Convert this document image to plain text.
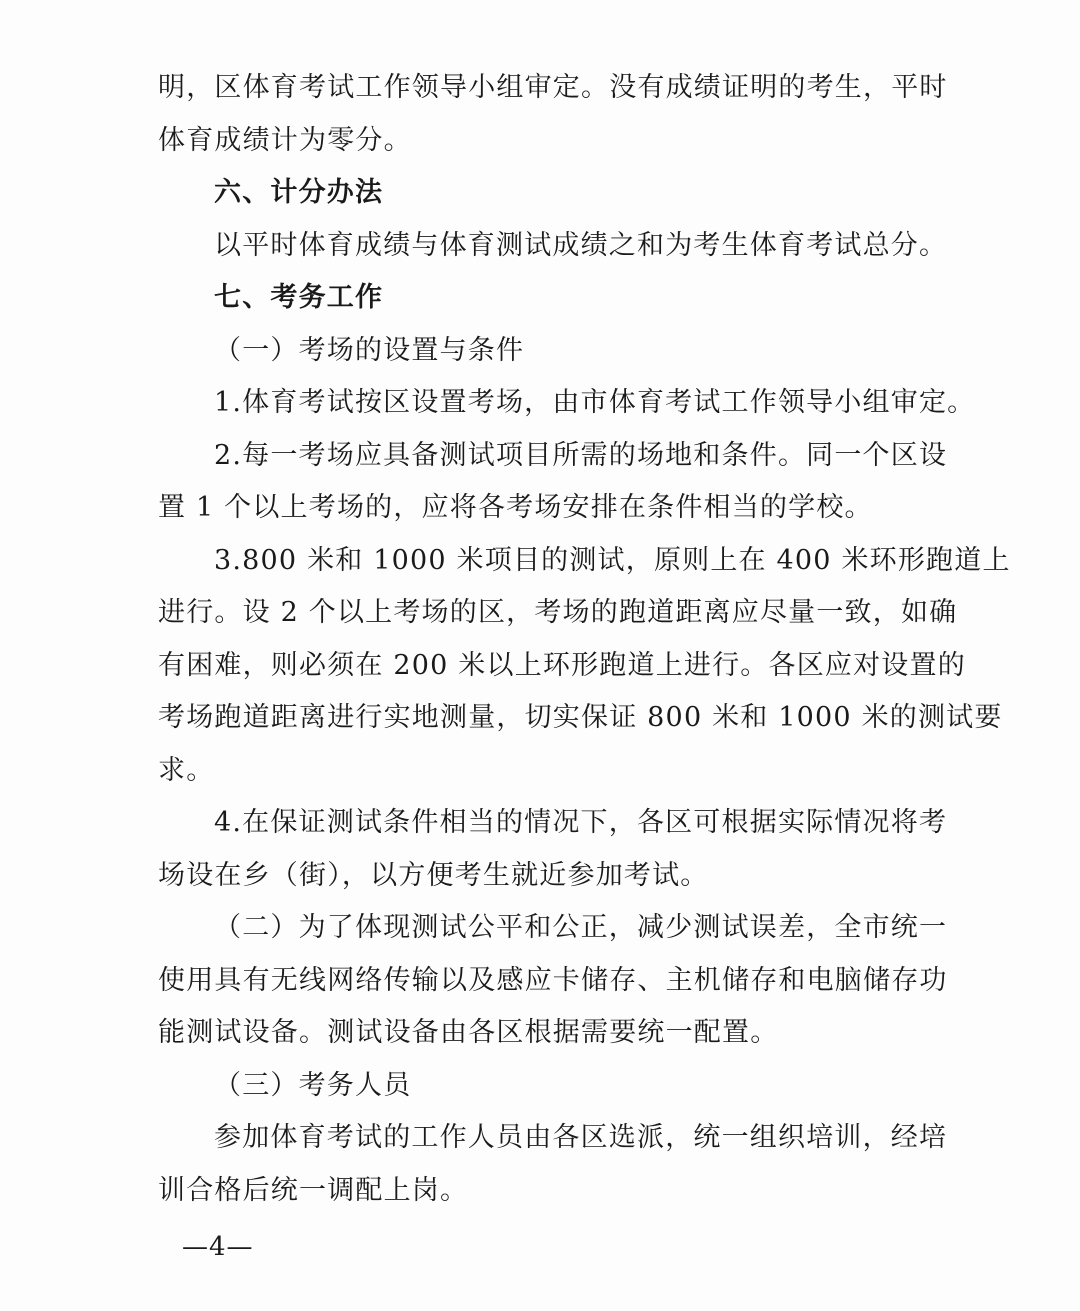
明，区体育考试工作领导小组审定。没有成绩证明的考生，平时
体育成绩计为零分。
六、计分办法
以平时体育成绩与体育测试成绩之和为考生体育考试总分。
七、考务工作
（一）考场的设置与条件
1.体育考试按区设置考场，由市体育考试工作领导小组审定。
2.每一考场应具备测试项目所需的场地和条件。同一个区设
置 1 个以上考场的，应将各考场安排在条件相当的学校。
3.800 米和 1000 米项目的测试，原则上在 400 米环形跑道上
进行。设 2 个以上考场的区，考场的跑道距离应尽量一致，如确
有困难，则必须在 200 米以上环形跑道上进行。各区应对设置的
考场跑道距离进行实地测量，切实保证 800 米和 1000 米的测试要
求。
4.在保证测试条件相当的情况下，各区可根据实际情况将考
场设在乡（街），以方便考生就近参加考试。
（二）为了体现测试公平和公正，减少测试误差，全市统一
使用具有无线网络传输以及感应卡储存、主机储存和电脑储存功
能测试设备。测试设备由各区根据需要统一配置。
（三）考务人员
参加体育考试的工作人员由各区选派，统一组织培训，经培
训合格后统一调配上岗。
—4—
